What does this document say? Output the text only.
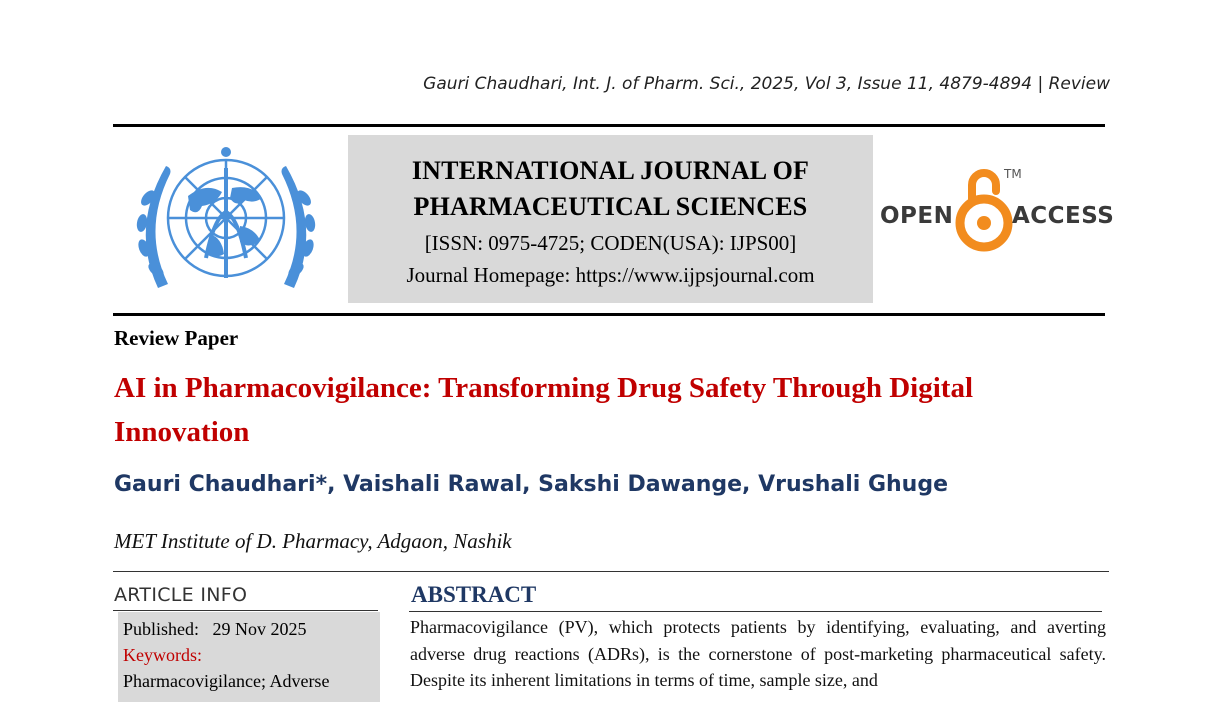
Gauri Chaudhari, Int. J. of Pharm. Sci., 2025, Vol 3, Issue 11, 4879-4894 | Review
INTERNATIONAL JOURNAL OF
PHARMACEUTICAL SCIENCES
[ISSN: 0975-4725; CODEN(USA): IJPS00]
Journal Homepage: https://www.ijpsjournal.com
OPEN	ACCESS
TM
Review Paper
AI in Pharmacovigilance: Transforming Drug Safety Through Digital Innovation
Gauri Chaudhari*, Vaishali Rawal, Sakshi Dawange, Vrushali Ghuge
MET Institute of D. Pharmacy, Adgaon, Nashik
ARTICLE INFO
Published: 29 Nov 2025
Keywords:
Pharmacovigilance; Adverse
ABSTRACT
Pharmacovigilance (PV), which protects patients by identifying, evaluating, and averting adverse drug reactions (ADRs), is the cornerstone of post-marketing pharmaceutical safety. Despite its inherent limitations in terms of time, sample size, and
